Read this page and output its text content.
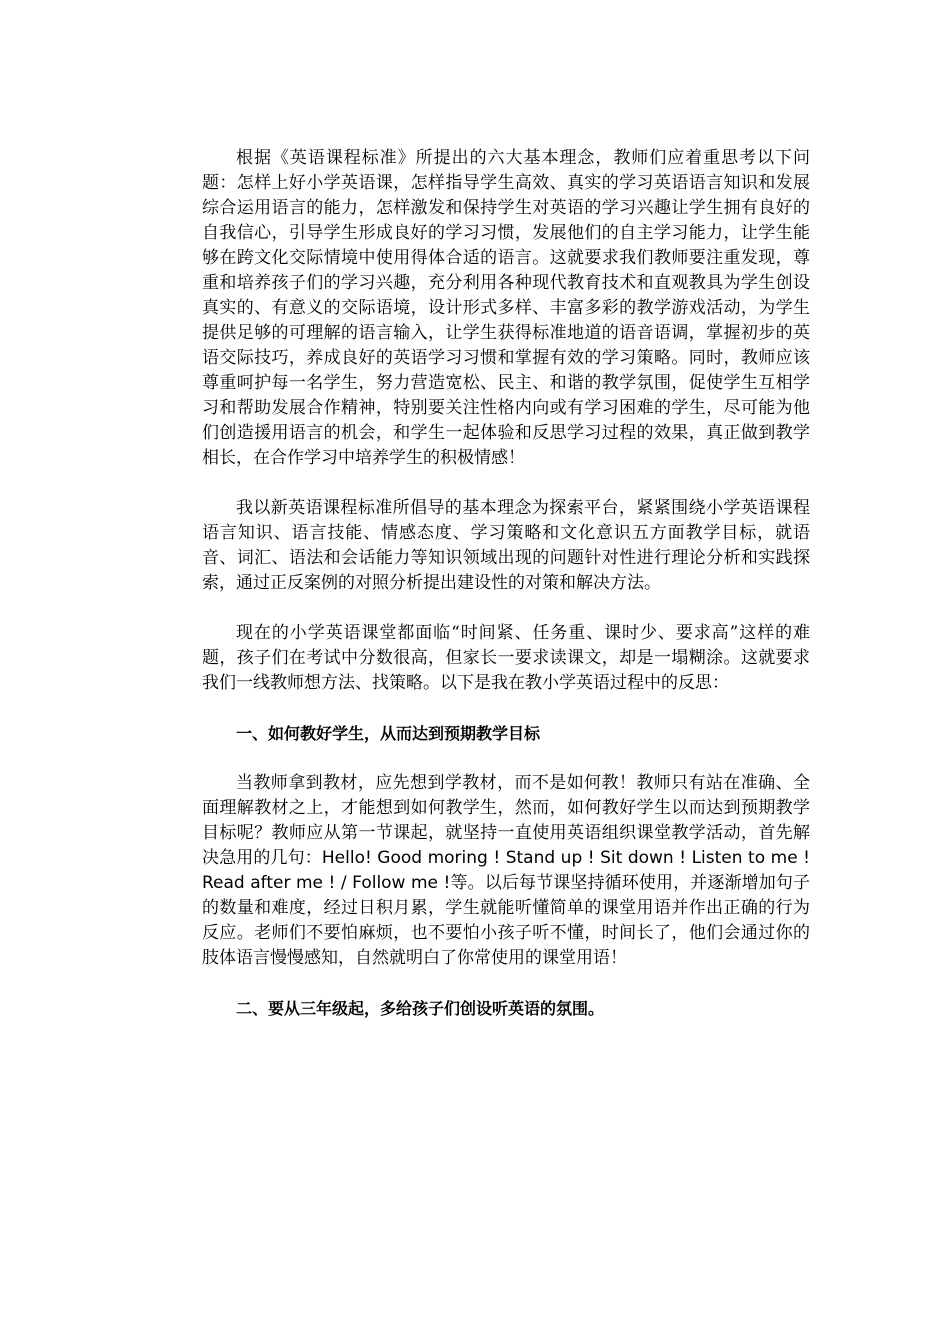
根据《英语课程标准》所提出的六大基本理念，教师们应着重思考以下问题：怎样上好小学英语课，怎样指导学生高效、真实的学习英语语言知识和发展综合运用语言的能力，怎样激发和保持学生对英语的学习兴趣让学生拥有良好的自我信心，引导学生形成良好的学习习惯，发展他们的自主学习能力，让学生能够在跨文化交际情境中使用得体合适的语言。这就要求我们教师要注重发现，尊重和培养孩子们的学习兴趣，充分利用各种现代教育技术和直观教具为学生创设真实的、有意义的交际语境，设计形式多样、丰富多彩的教学游戏活动，为学生提供足够的可理解的语言输入，让学生获得标准地道的语音语调，掌握初步的英语交际技巧，养成良好的英语学习习惯和掌握有效的学习策略。同时，教师应该尊重呵护每一名学生，努力营造宽松、民主、和谐的教学氛围，促使学生互相学习和帮助发展合作精神，特别要关注性格内向或有学习困难的学生，尽可能为他们创造援用语言的机会，和学生一起体验和反思学习过程的效果，真正做到教学相长，在合作学习中培养学生的积极情感！

我以新英语课程标准所倡导的基本理念为探索平台，紧紧围绕小学英语课程语言知识、语言技能、情感态度、学习策略和文化意识五方面教学目标，就语音、词汇、语法和会话能力等知识领域出现的问题针对性进行理论分析和实践探索，通过正反案例的对照分析提出建设性的对策和解决方法。

现在的小学英语课堂都面临“时间紧、任务重、课时少、要求高”这样的难题，孩子们在考试中分数很高，但家长一要求读课文，却是一塌糊涂。这就要求我们一线教师想方法、找策略。以下是我在教小学英语过程中的反思：

一、如何教好学生，从而达到预期教学目标

当教师拿到教材，应先想到学教材，而不是如何教！教师只有站在准确、全面理解教材之上，才能想到如何教学生，然而，如何教好学生以而达到预期教学目标呢？教师应从第一节课起，就坚持一直使用英语组织课堂教学活动，首先解决急用的几句：Hello! Good moring ! Stand up ! Sit down ! Listen to me ! Read after me ! / Follow me !等。以后每节课坚持循环使用，并逐渐增加句子的数量和难度，经过日积月累，学生就能听懂简单的课堂用语并作出正确的行为反应。老师们不要怕麻烦，也不要怕小孩子听不懂，时间长了，他们会通过你的肢体语言慢慢感知，自然就明白了你常使用的课堂用语！

二、要从三年级起，多给孩子们创设听英语的氛围。
